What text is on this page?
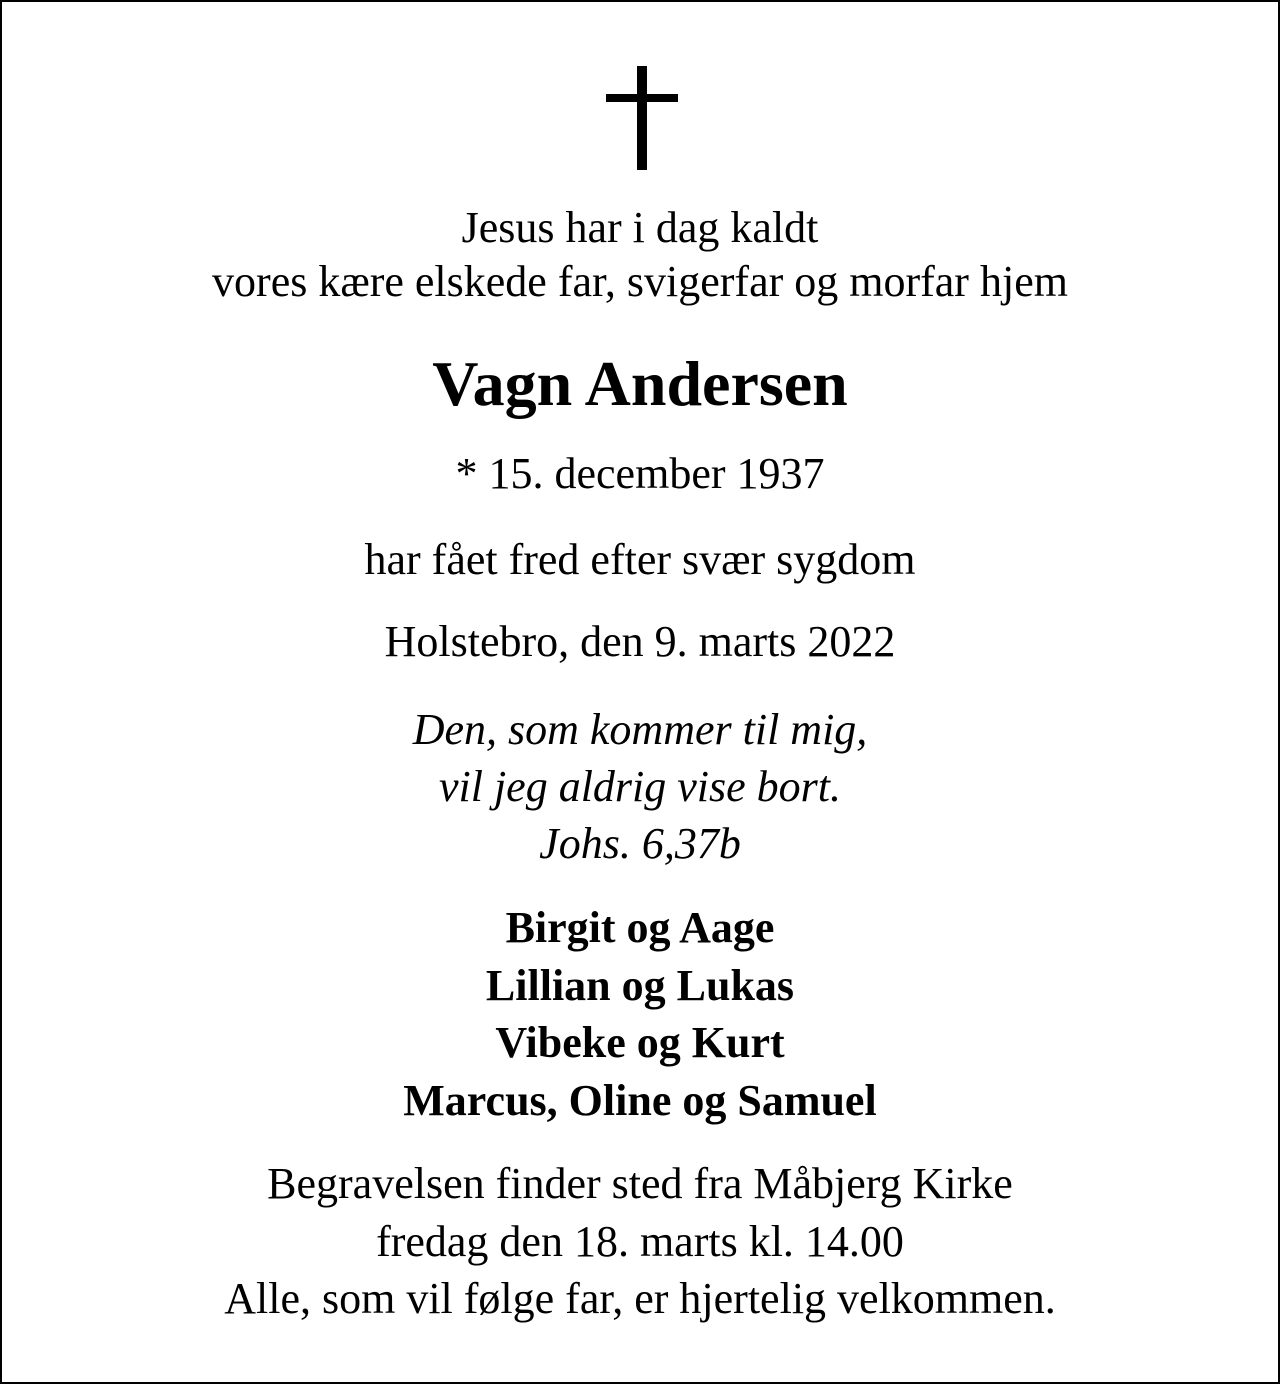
Jesus har i dag kaldt
vores kære elskede far, svigerfar og morfar hjem

Vagn Andersen

* 15. december 1937

har fået fred efter svær sygdom

Holstebro, den 9. marts 2022

Den, som kommer til mig,
vil jeg aldrig vise bort.
Johs. 6,37b

Birgit og Aage
Lillian og Lukas
Vibeke og Kurt
Marcus, Oline og Samuel

Begravelsen finder sted fra Måbjerg Kirke
fredag den 18. marts kl. 14.00
Alle, som vil følge far, er hjertelig velkommen.
